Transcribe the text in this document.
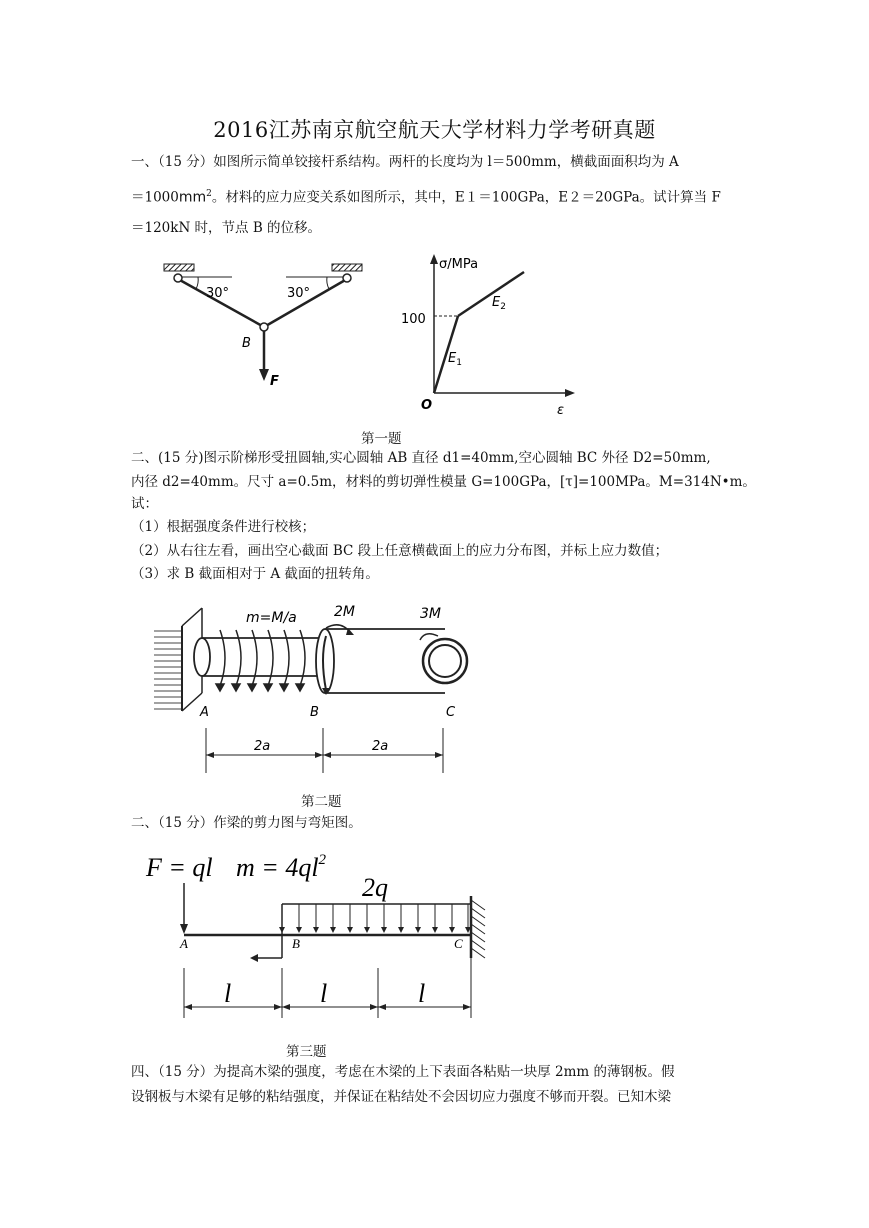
2016江苏南京航空航天大学材料力学考研真题
一、（15 分）如图所示简单铰接杆系结构。两杆的长度均为 l＝500mm，横截面面积均为 A
$=1000mm^2$。材料的应力应变关系如图所示，其中，E１＝100GPa，E２＝20GPa。试计算当 F
＝120kN 时，节点 B 的位移。
30°	30°
B
F
σ/MPa
100
$E_1$
$E_2$
O	ε
第一题
二、(15 分)图示阶梯形受扭圆轴,实心圆轴 AB 直径 d1=40mm,空心圆轴 BC 外径 D2=50mm,
内径 d2=40mm。尺寸 a=0.5m，材料的剪切弹性模量 G=100GPa，[τ]=100MPa。M=314N•m。
试：
（1）根据强度条件进行校核；
（2）从右往左看，画出空心截面 BC 段上任意横截面上的应力分布图，并标上应力数值；
（3）求 B 截面相对于 A 截面的扭转角。
m=M/a	2M	3M
A	B	C
2a	2a
第二题
二、（15 分）作梁的剪力图与弯矩图。
F = ql $m = 4ql^2$
2q
A	B	C
l	l	l
第三题
四、（15 分）为提高木梁的强度，考虑在木梁的上下表面各粘贴一块厚 2mm 的薄钢板。假
设钢板与木梁有足够的粘结强度，并保证在粘结处不会因切应力强度不够而开裂。已知木梁
